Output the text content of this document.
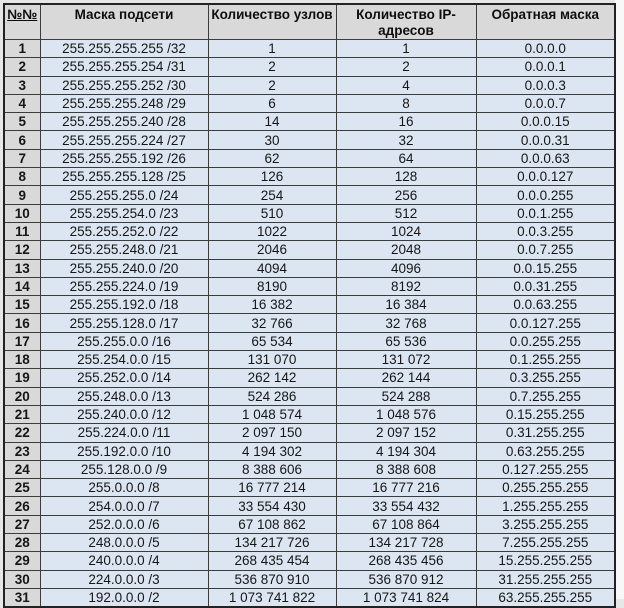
№№	Маска подсети	Количество узлов	Количество IP-адресов	Обратная маска
1	255.255.255.255 /32	1	1	0.0.0.0
2	255.255.255.254 /31	2	2	0.0.0.1
3	255.255.255.252 /30	2	4	0.0.0.3
4	255.255.255.248 /29	6	8	0.0.0.7
5	255.255.255.240 /28	14	16	0.0.0.15
6	255.255.255.224 /27	30	32	0.0.0.31
7	255.255.255.192 /26	62	64	0.0.0.63
8	255.255.255.128 /25	126	128	0.0.0.127
9	255.255.255.0 /24	254	256	0.0.0.255
10	255.255.254.0 /23	510	512	0.0.1.255
11	255.255.252.0 /22	1022	1024	0.0.3.255
12	255.255.248.0 /21	2046	2048	0.0.7.255
13	255.255.240.0 /20	4094	4096	0.0.15.255
14	255.255.224.0 /19	8190	8192	0.0.31.255
15	255.255.192.0 /18	16 382	16 384	0.0.63.255
16	255.255.128.0 /17	32 766	32 768	0.0.127.255
17	255.255.0.0 /16	65 534	65 536	0.0.255.255
18	255.254.0.0 /15	131 070	131 072	0.1.255.255
19	255.252.0.0 /14	262 142	262 144	0.3.255.255
20	255.248.0.0 /13	524 286	524 288	0.7.255.255
21	255.240.0.0 /12	1 048 574	1 048 576	0.15.255.255
22	255.224.0.0 /11	2 097 150	2 097 152	0.31.255.255
23	255.192.0.0 /10	4 194 302	4 194 304	0.63.255.255
24	255.128.0.0 /9	8 388 606	8 388 608	0.127.255.255
25	255.0.0.0 /8	16 777 214	16 777 216	0.255.255.255
26	254.0.0.0 /7	33 554 430	33 554 432	1.255.255.255
27	252.0.0.0 /6	67 108 862	67 108 864	3.255.255.255
28	248.0.0.0 /5	134 217 726	134 217 728	7.255.255.255
29	240.0.0.0 /4	268 435 454	268 435 456	15.255.255.255
30	224.0.0.0 /3	536 870 910	536 870 912	31.255.255.255
31	192.0.0.0 /2	1 073 741 822	1 073 741 824	63.255.255.255
